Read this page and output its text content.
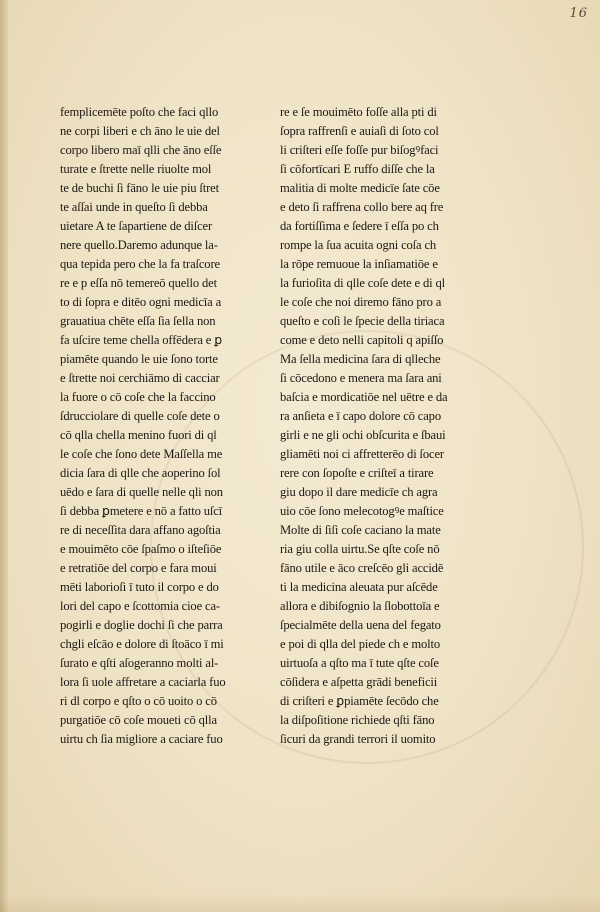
16
femplicemēte poſto che faci qllo
ne corpi liberi e ch āno le uie del
corpo libero maī qlli che āno eſſe
turate e ſtrette nelle riuolte mol
te de buchi ſi fāno le uie piu ſtret
te aſſai unde in queſto ſi debba
uietare A te ſapartiene de diſcer
nere quello.Daremo adunque la-
qua tepida pero che la fa traſcore
re e p eſſa nō temereō quello det
to di ſopra e ditēo ogni medicīa a
grauatiua chēte eſſa ſia ſella non
fa uſcire teme chella offēdera e ꝑ
piamēte quando le uie ſono torte
e ſtrette noi cerchiāmo di cacciar
la fuore o cō coſe che la faccino
ſdrucciolare di quelle coſe dete o
cō qlla chella menino fuori di ql
le coſe che ſono dete Maſſella me
dicia ſara di qlle che aoperino ſol
uēdo e ſara di quelle nelle qli non
ſi debba ꝑmetere e nō a fatto uſcī
re di neceſſita dara affano agoſtia
e mouimēto cōe ſpaſmo o iſteſiōe
e retratiōe del corpo e fara moui
mēti laborioſi ī tuto il corpo e do
lori del capo e ſcottomia cioe ca-
pogirli e doglie dochi ſi che parra
chgli eſcāo e dolore di ſtoāco ī mi
ſurato e qſti aſogeranno molti al-
lora ſi uole affretare a caciarla fuo
ri dl corpo e qſto o cō uoito o cō
purgatiōe cō coſe moueti cō qlla
uirtu ch ſia migliore a caciare fuo
re e ſe mouimēto foſſe alla pti di
ſopra raffrenſi e auiaſi di ſoto col
li criſteri eſſe foſſe pur biſogꝰfaci
ſi cōfortīcari E ruffo diſſe che la
malitia di molte medicīe ſate cōe
e deto ſi raffrena collo bere aq fre
da fortiſſima e ſedere ī eſſa po ch
rompe la ſua acuita ogni coſa ch
la rōpe remuoue la inſiamatiōe e
la furioſita di qlle coſe dete e di ql
le coſe che noi diremo fāno pro a
queſto e coſi le ſpecie della tiriaca
come e deto nelli capitoli q apiſſo
Ma ſella medicina ſara di qlleche
ſi cōcedono e menera ma ſara ani
baſcia e mordicatiōe nel uētre e da
ra anſieta e ī capo dolore cō capo
girli e ne gli ochi obſcurita e ſbaui
gliamēti noi ci affretterēo di ſocer
rere con ſopoſte e criſteī a tirare
giu dopo il dare medicīe ch agra
uio cōe ſono melecotogꝰe maſtice
Molte di ſiſi coſe caciano la mate
ria giu colla uirtu.Se qſte coſe nō
fāno utile e āco creſcēo gli accidē
ti la medicina aleuata pur aſcēde
allora e dibiſognio la ſlobottoīa e
ſpecialmēte della uena del fegato
e poi di qlla del piede ch e molto
uirtuoſa a qſto ma ī tute qſte coſe
cōſidera e aſpetta grādi beneficii
di criſteri e ꝑpiamēte ſecōdo che
la diſpoſitione richiede qſti fāno
ſicuri da grandi terrori il uomito
